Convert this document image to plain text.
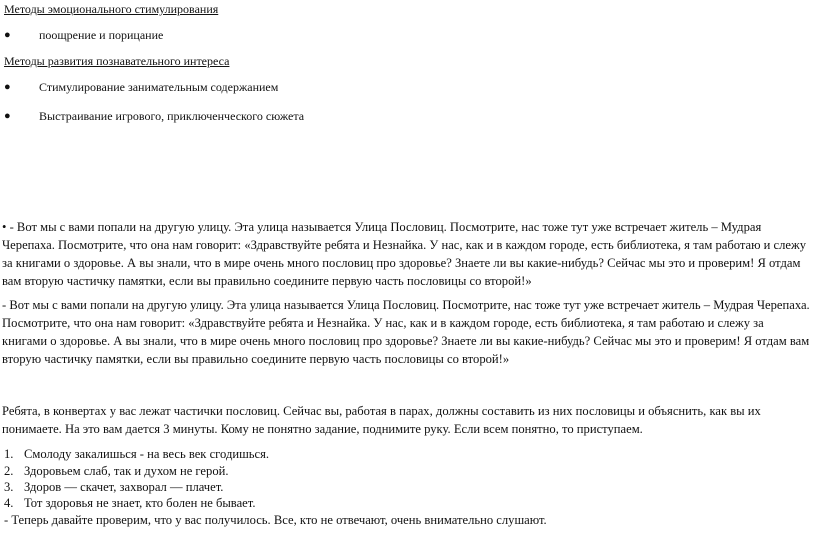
Методы эмоционального стимулирования
● поощрение и порицание
Методы развития познавательного интереса
● Стимулирование занимательным содержанием
● Выстраивание игрового, приключенческого сюжета
• - Вот мы с вами попали на другую улицу. Эта улица называется Улица Пословиц. Посмотрите, нас тоже тут уже встречает житель – Мудрая Черепаха. Посмотрите, что она нам говорит: «Здравствуйте ребята и Незнайка. У нас, как и в каждом городе, есть библиотека, я там работаю и слежу за книгами о здоровье. А вы знали, что в мире очень много пословиц про здоровье? Знаете ли вы какие-нибудь? Сейчас мы это и проверим! Я отдам вам вторую частичку памятки, если вы правильно соедините первую часть пословицы со второй!»
- Вот мы с вами попали на другую улицу. Эта улица называется Улица Пословиц. Посмотрите, нас тоже тут уже встречает житель – Мудрая Черепаха. Посмотрите, что она нам говорит: «Здравствуйте ребята и Незнайка. У нас, как и в каждом городе, есть библиотека, я там работаю и слежу за книгами о здоровье. А вы знали, что в мире очень много пословиц про здоровье? Знаете ли вы какие-нибудь? Сейчас мы это и проверим! Я отдам вам вторую частичку памятки, если вы правильно соедините первую часть пословицы со второй!»
Ребята, в конвертах у вас лежат частички пословиц. Сейчас вы, работая в парах, должны составить из них пословицы и объяснить, как вы их понимаете. На это вам дается 3 минуты. Кому не понятно задание, поднимите руку. Если всем понятно, то приступаем.
1. Смолоду закалишься - на весь век сгодишься.
2. Здоровьем слаб, так и духом не герой.
3. Здоров — скачет, захворал — плачет.
4. Тот здоровья не знает, кто болен не бывает.
- Теперь давайте проверим, что у вас получилось. Все, кто не отвечают, очень внимательно слушают.
